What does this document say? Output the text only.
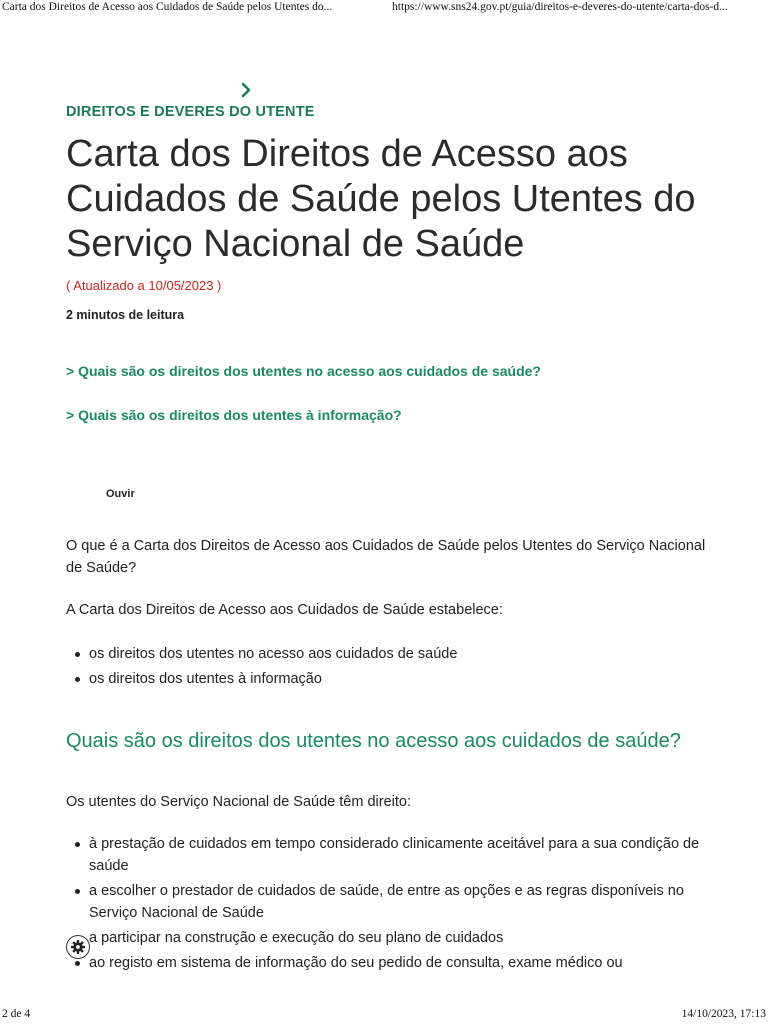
Carta dos Direitos de Acesso aos Cuidados de Saúde pelos Utentes do...	https://www.sns24.gov.pt/guia/direitos-e-deveres-do-utente/carta-dos-d...
DIREITOS E DEVERES DO UTENTE
Carta dos Direitos de Acesso aos Cuidados de Saúde pelos Utentes do Serviço Nacional de Saúde
( Atualizado a 10/05/2023 )
2 minutos de leitura
> Quais são os direitos dos utentes no acesso aos cuidados de saúde?
> Quais são os direitos dos utentes à informação?
Ouvir

O que é a Carta dos Direitos de Acesso aos Cuidados de Saúde pelos Utentes do Serviço Nacional de Saúde?

A Carta dos Direitos de Acesso aos Cuidados de Saúde estabelece:

os direitos dos utentes no acesso aos cuidados de saúde
os direitos dos utentes à informação
Quais são os direitos dos utentes no acesso aos cuidados de saúde?

Os utentes do Serviço Nacional de Saúde têm direito:

à prestação de cuidados em tempo considerado clinicamente aceitável para a sua condição de saúde
a escolher o prestador de cuidados de saúde, de entre as opções e as regras disponíveis no Serviço Nacional de Saúde
a participar na construção e execução do seu plano de cuidados
ao registo em sistema de informação do seu pedido de consulta, exame médico ou
2 de 4	14/10/2023, 17:13
